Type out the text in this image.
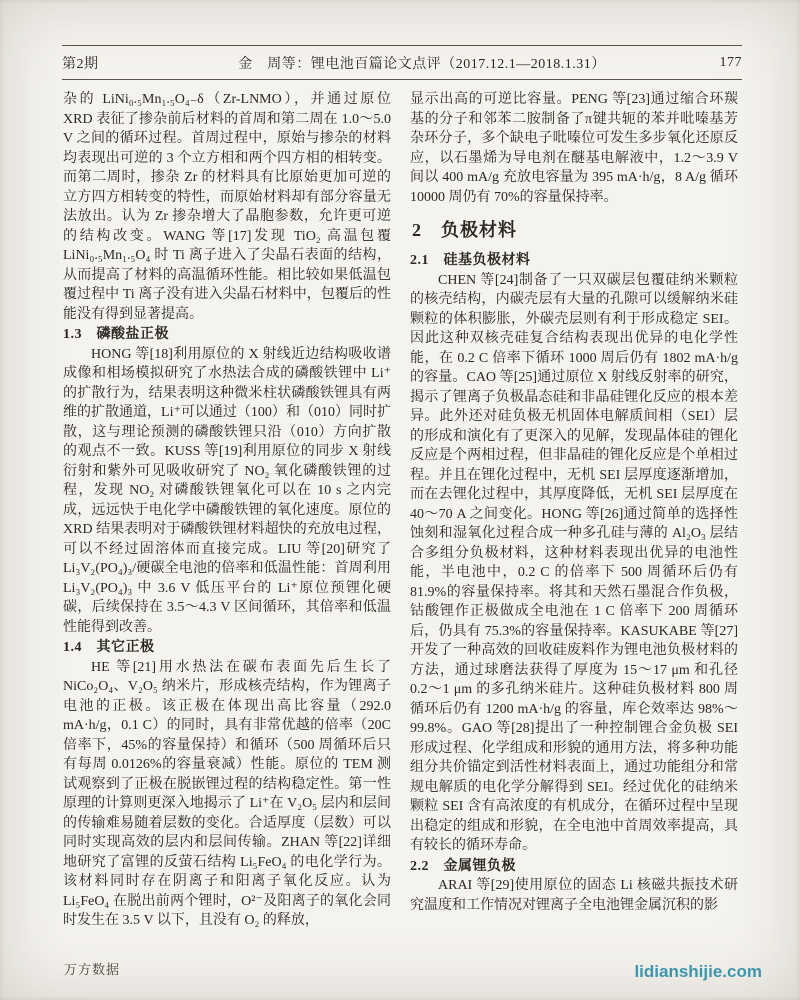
第2期	金　周等：锂电池百篇论文点评（2017.12.1—2018.1.31）	177

杂的 LiNi₀.₅Mn₁.₅O₄₋δ（Zr-LNMO），并通过原位 XRD 表征了掺杂前后材料的首周和第二周在 1.0～5.0 V 之间的循环过程。首周过程中，原始与掺杂的材料均表现出可逆的 3 个立方相和两个四方相的相转变。而第二周时，掺杂 Zr 的材料具有比原始更加可逆的立方四方相转变的特性，而原始材料却有部分容量无法放出。认为 Zr 掺杂增大了晶胞参数，允许更可逆的结构改变。WANG 等[17]发现 TiO₂ 高温包覆 LiNi₀.₅Mn₁.₅O₄ 时 Ti 离子进入了尖晶石表面的结构，从而提高了材料的高温循环性能。相比较如果低温包覆过程中 Ti 离子没有进入尖晶石材料中，包覆后的性能没有得到显著提高。

1.3　磷酸盐正极

HONG 等[18]利用原位的 X 射线近边结构吸收谱成像和相场模拟研究了水热法合成的磷酸铁锂中 Li⁺的扩散行为，结果表明这种微米柱状磷酸铁锂具有两维的扩散通道，Li⁺可以通过（100）和（010）同时扩散，这与理论预测的磷酸铁锂只沿（010）方向扩散的观点不一致。KUSS 等[19]利用原位的同步 X 射线衍射和紫外可见吸收研究了 NO₂ 氧化磷酸铁锂的过程，发现 NO₂ 对磷酸铁锂氧化可以在 10 s 之内完成，远远快于电化学中磷酸铁锂的氧化速度。原位的 XRD 结果表明对于磷酸铁锂材料超快的充放电过程，可以不经过固溶体而直接完成。LIU 等[20]研究了 Li₃V₂(PO₄)₃/硬碳全电池的倍率和低温性能：首周利用 Li₃V₂(PO₄)₃ 中 3.6 V 低压平台的 Li⁺原位预锂化硬碳，后续保持在 3.5～4.3 V 区间循环，其倍率和低温性能得到改善。

1.4　其它正极

HE 等[21]用水热法在碳布表面先后生长了 NiCo₂O₄、V₂O₅ 纳米片，形成核壳结构，作为锂离子电池的正极。该正极在体现出高比容量（292.0 mA·h/g，0.1 C）的同时，具有非常优越的倍率（20C 倍率下，45%的容量保持）和循环（500 周循环后只有每周 0.0126%的容量衰减）性能。原位的 TEM 测试观察到了正极在脱嵌锂过程的结构稳定性。第一性原理的计算则更深入地揭示了 Li⁺在 V₂O₅ 层内和层间的传输难易随着层数的变化。合适厚度（层数）可以同时实现高效的层内和层间传输。ZHAN 等[22]详细地研究了富锂的反萤石结构 Li₅FeO₄ 的电化学行为。该材料同时存在阴离子和阳离子氧化反应。认为 Li₅FeO₄ 在脱出前两个锂时，O²⁻及阳离子的氧化会同时发生在 3.5 V 以下，且没有 O₂ 的释放，

显示出高的可逆比容量。PENG 等[23]通过缩合环羰基的分子和邻苯二胺制备了π键共轭的苯并吡嗪基芳杂环分子，多个缺电子吡嗪位可发生多步氧化还原反应，以石墨烯为导电剂在醚基电解液中，1.2～3.9 V 间以 400 mA/g 充放电容量为 395 mA·h/g，8 A/g 循环 10000 周仍有 70%的容量保持率。

2　负极材料
2.1　硅基负极材料

CHEN 等[24]制备了一只双碳层包覆硅纳米颗粒的核壳结构，内碳壳层有大量的孔隙可以缓解纳米硅颗粒的体积膨胀，外碳壳层则有利于形成稳定 SEI。因此这种双核壳硅复合结构表现出优异的电化学性能，在 0.2 C 倍率下循环 1000 周后仍有 1802 mA·h/g 的容量。CAO 等[25]通过原位 X 射线反射率的研究，揭示了锂离子负极晶态硅和非晶硅锂化反应的根本差异。此外还对硅负极无机固体电解质间相（SEI）层的形成和演化有了更深入的见解，发现晶体硅的锂化反应是个两相过程，但非晶硅的锂化反应是个单相过程。并且在锂化过程中，无机 SEI 层厚度逐渐增加，而在去锂化过程中，其厚度降低，无机 SEI 层厚度在 40～70 A 之间变化。HONG 等[26]通过简单的选择性蚀刻和湿氧化过程合成一种多孔硅与薄的 Al₂O₃ 层结合多组分负极材料，这种材料表现出优异的电池性能，半电池中，0.2 C 的倍率下 500 周循环后仍有 81.9%的容量保持率。将其和天然石墨混合作负极，钴酸锂作正极做成全电池在 1 C 倍率下 200 周循环后，仍具有 75.3%的容量保持率。KASUKABE 等[27]开发了一种高效的回收硅废料作为锂电池负极材料的方法，通过球磨法获得了厚度为 15～17 μm 和孔径 0.2～1 μm 的多孔纳米硅片。这种硅负极材料 800 周循环后仍有 1200 mA·h/g 的容量，库仑效率达 98%～99.8%。GAO 等[28]提出了一种控制锂合金负极 SEI 形成过程、化学组成和形貌的通用方法，将多种功能组分共价锚定到活性材料表面上，通过功能组分和常规电解质的电化学分解得到 SEI。经过优化的硅纳米颗粒 SEI 含有高浓度的有机成分，在循环过程中呈现出稳定的组成和形貌，在全电池中首周效率提高，具有较长的循环寿命。

2.2　金属锂负极

ARAI 等[29]使用原位的固态 Li 核磁共振技术研究温度和工作情况对锂离子全电池锂金属沉积的影

万方数据	lidianshijie.com
